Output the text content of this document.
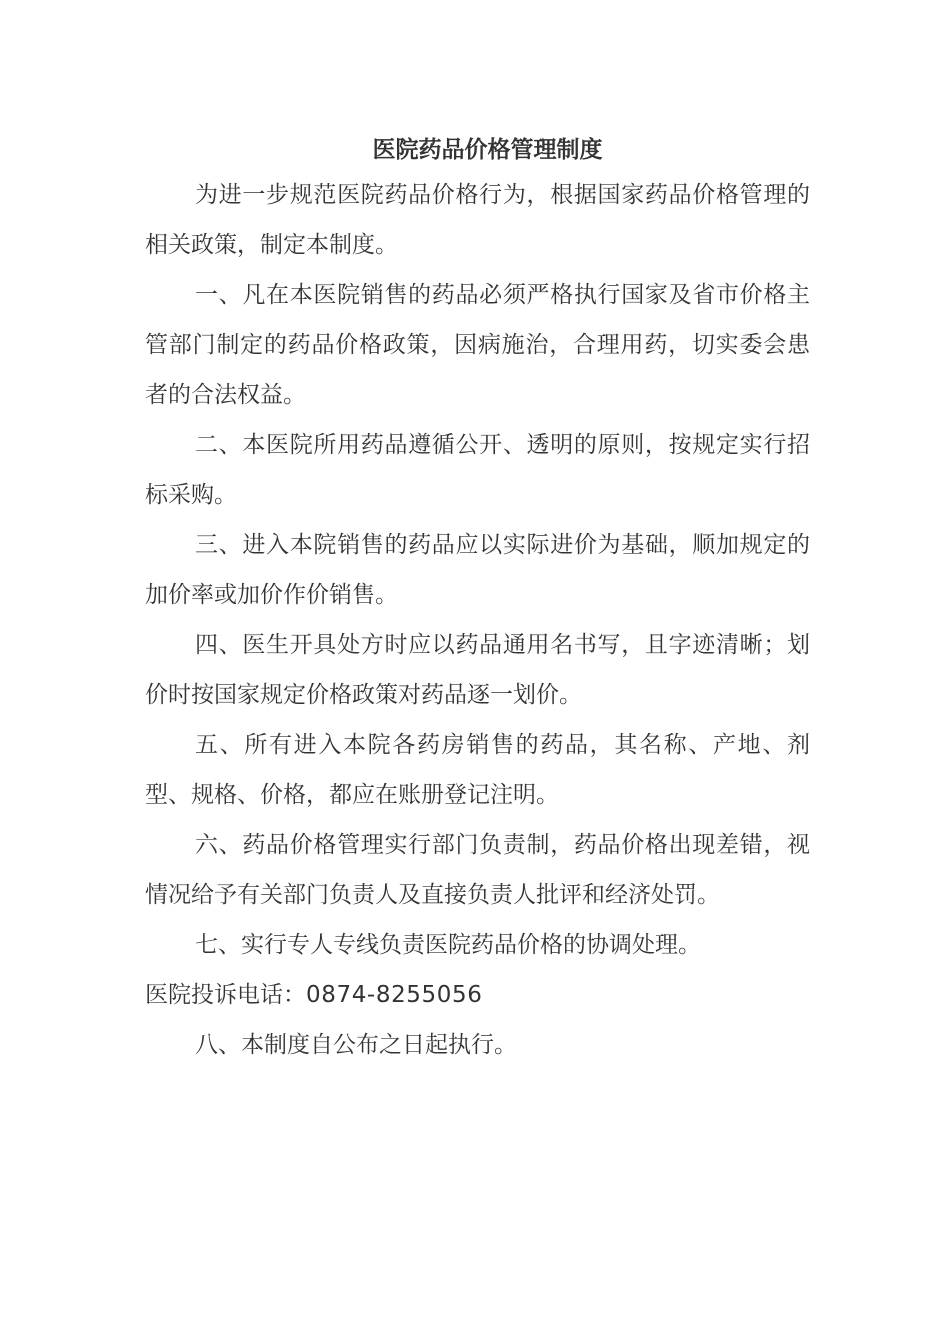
医院药品价格管理制度

为进一步规范医院药品价格行为，根据国家药品价格管理的相关政策，制定本制度。

一、凡在本医院销售的药品必须严格执行国家及省市价格主管部门制定的药品价格政策，因病施治，合理用药，切实委会患者的合法权益。

二、本医院所用药品遵循公开、透明的原则，按规定实行招标采购。

三、进入本院销售的药品应以实际进价为基础，顺加规定的加价率或加价作价销售。

四、医生开具处方时应以药品通用名书写，且字迹清晰；划价时按国家规定价格政策对药品逐一划价。

五、所有进入本院各药房销售的药品，其名称、产地、剂型、规格、价格，都应在账册登记注明。

六、药品价格管理实行部门负责制，药品价格出现差错，视情况给予有关部门负责人及直接负责人批评和经济处罚。

七、实行专人专线负责医院药品价格的协调处理。

医院投诉电话：0874-8255056

八、本制度自公布之日起执行。
